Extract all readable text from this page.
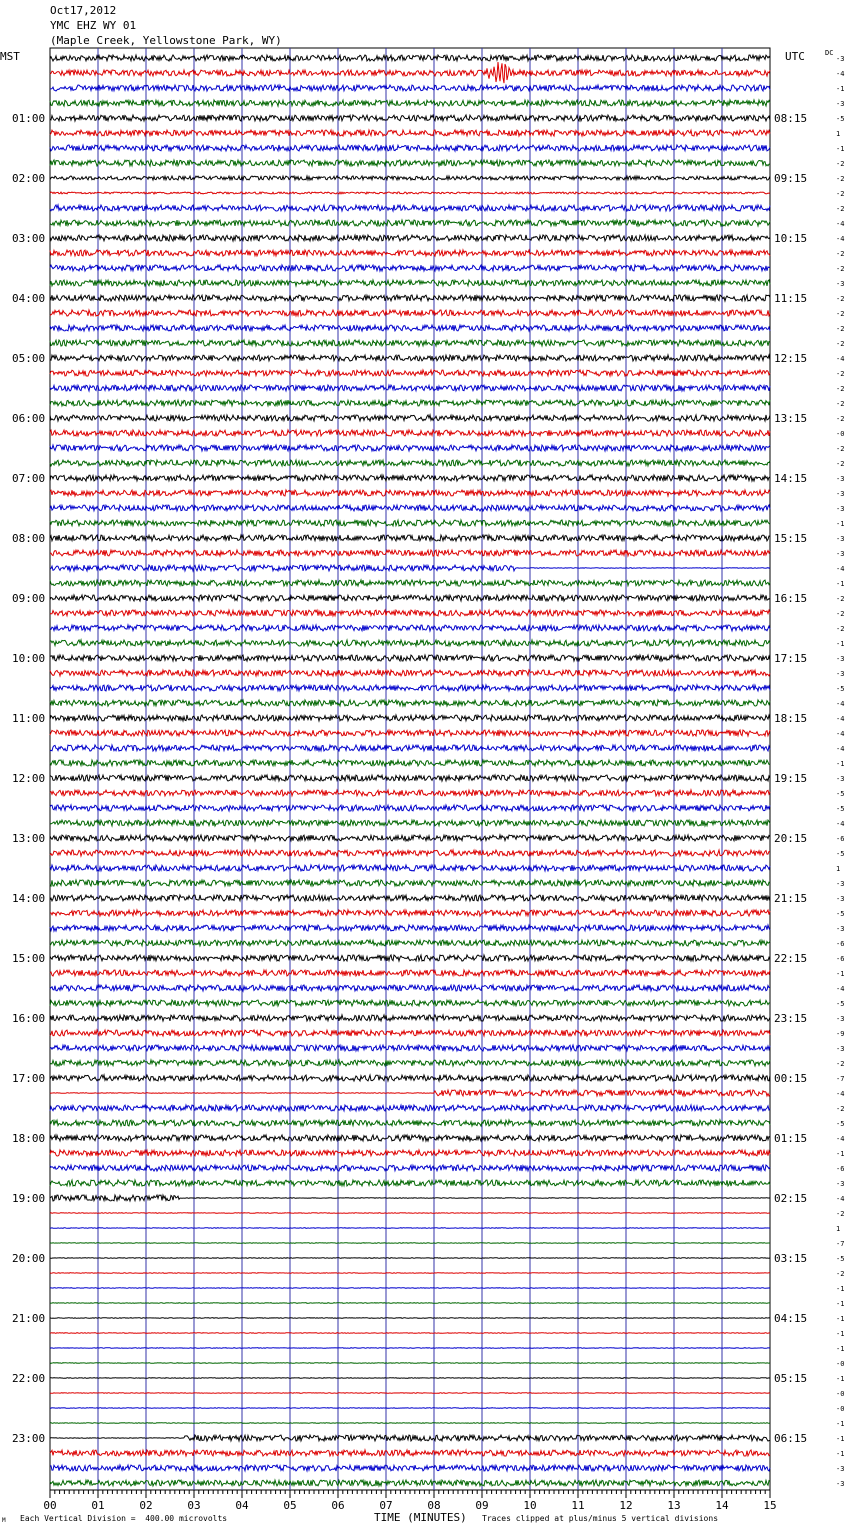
Oct17,2012
YMC EHZ WY 01
(Maple Creek, Yellowstone Park, WY)
MST	UTC	DC
-3
-4
-1
-3
-5
1
-1
-2
-2
-2
-2
-4
-4
-2
-2
-3
-2
-2
-2
-2
-4
-2
-2
-2
-2
-0
-2
-2
-3
-3
-3
-1
-3
-3
-4
-1
-2
-2
-2
-1
-3
-3
-5
-4
-4
-4
-4
-1
-3
-5
-5
-4
-6
-5
1
-3
-3
-5
-3
-6
-6
-1
-4
-5
-3
-9
-3
-2
-7
-4
-2
-5
-4
-1
-6
-3
-4
-2
1
-7
-5
-2
-1
-1
-1
-1
-1
-0
-1
-0
-0
-1
-1
-1
-3
-3
01:00
02:00
03:00
04:00
05:00
06:00
07:00
08:00
09:00
10:00
11:00
12:00
13:00
14:00
15:00
16:00
17:00
18:00
19:00
20:00
21:00
22:00
23:00
08:15
09:15
10:15
11:15
12:15
13:15
14:15
15:15
16:15
17:15
18:15
19:15
20:15
21:15
22:15
23:15
00:15
01:15
02:15
03:15
04:15
05:15
06:15
00	01	02	03	04	05	06	07	08	09	10	11	12	13	14	15
M Each Vertical Division =  400.00 microvolts	TIME (MINUTES) Traces clipped at plus/minus 5 vertical divisions
